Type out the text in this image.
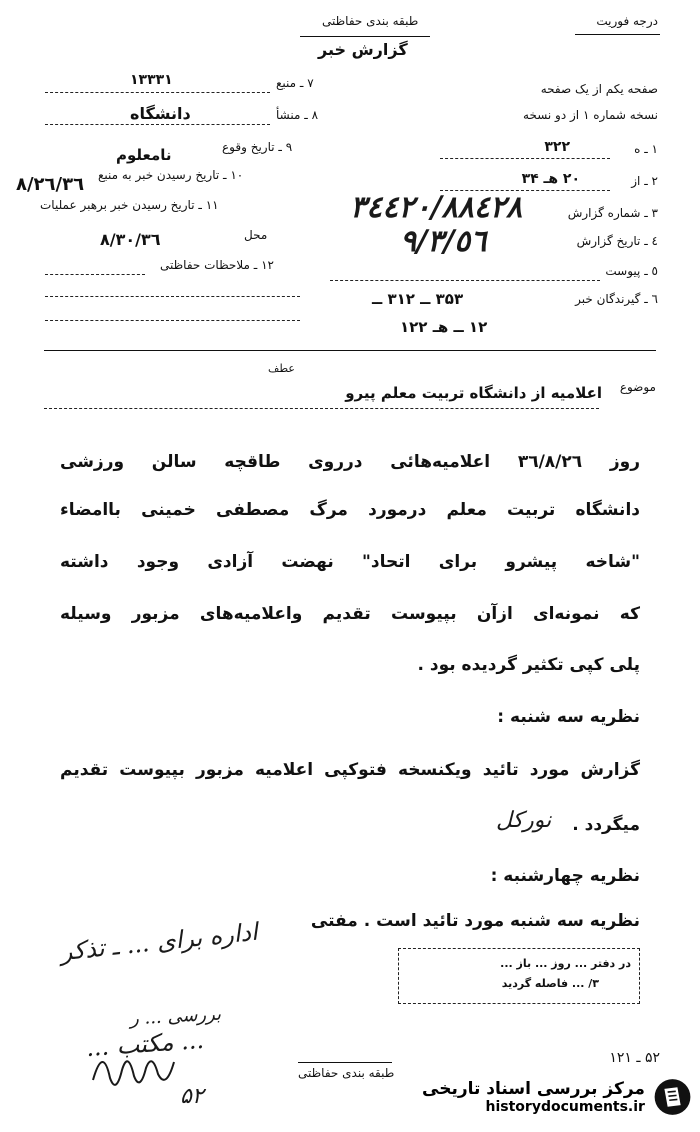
درجه فوریت
طبقه بندی حفاظتی
گزارش خبر
صفحه یکم از یک صفحه
نسخه شماره ۱ از دو نسخه
۱ ـ ه
۳۲۲
۲ ـ از
۲۰ هـ ۳۴
۳ ـ شماره گزارش
۳٤٤۲۰/۸۸٤۲۸
٤ ـ تاریخ گزارش
٥٦/۹/۳
٥ ـ پیوست
٦ ـ گیرندگان خبر
۳۵۳ ــ ۳۱۲ ــ
۱۲ ــ هـ ۱۲۲
۷ ـ منبع
۱۳۳۳۱
۸ ـ منشأ
دانشگاه
۹ ـ تاریخ وقوع
نامعلوم
۱۰ ـ تاریخ رسیدن خبر به منبع
۳٦/۸/۲٦
۱۱ ـ تاریخ رسیدن خبر برهبر عملیات
محل
۳٦/۸/۳۰
۱۲ ـ ملاحظات حفاظتی
عطف
موضوع
اعلامیه از دانشگاه تربیت معلم پیرو
روز ۳٦/۸/۲٦ اعلامیه‌هائی درروی طاقچه سالن ورزشی
دانشگاه تربیت معلم درمورد مرگ مصطفی خمینی باامضاء
"شاخه پیشرو برای اتحاد" نهضت آزادی وجود داشته
که نمونه‌ای ازآن بپیوست تقدیم واعلامیه‌های مزبور وسیله
پلی کپی تکثیر گردیده بود .
نظریه سه شنبه :
گزارش مورد تائید ویکنسخه فتوکپی اعلامیه مزبور بپیوست تقدیم
میگردد .
نورکل
نظریه چهارشنبه :
نظریه سه شنبه مورد تائید است . مفتی
اداره برای ... ـ تذکر
بررسی ... ر
... مکتب ...
۵۲
در دفتر ... روز ... باز ...
۳/ ... فاصله گردید
۵۲ ـ ۱۲۱
طبقه بندی حفاظتی
مرکز بررسی اسناد تاریخی
historydocuments.ir
